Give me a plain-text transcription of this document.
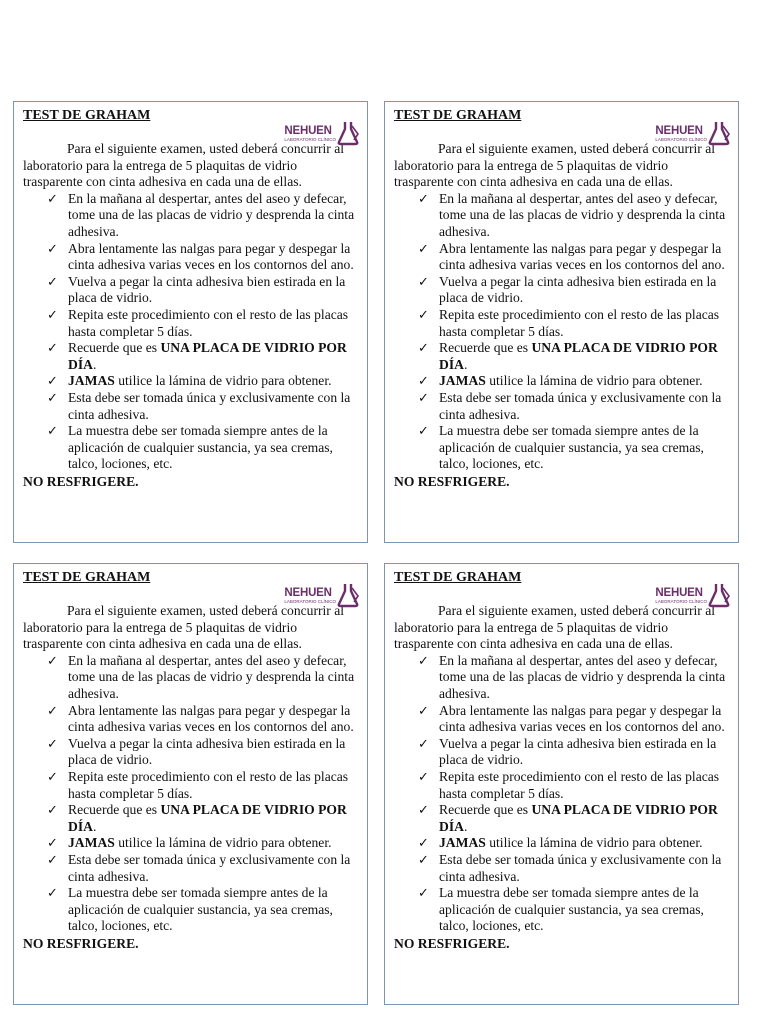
TEST DE GRAHAM
NEHUEN
LABORATORIO CLÍNICO

Para el siguiente examen, usted deberá concurrir al laboratorio para la entrega de 5 plaquitas de vidrio trasparente con cinta adhesiva en cada una de ellas.

✓ En la mañana al despertar, antes del aseo y defecar, tome una de las placas de vidrio y desprenda la cinta adhesiva.
✓ Abra lentamente las nalgas para pegar y despegar la cinta adhesiva varias veces en los contornos del ano.
✓ Vuelva a pegar la cinta adhesiva bien estirada en la placa de vidrio.
✓ Repita este procedimiento con el resto de las placas hasta completar 5 días.
✓ Recuerde que es UNA PLACA DE VIDRIO POR DÍA.
✓ JAMAS utilice la lámina de vidrio para obtener.
✓ Esta debe ser tomada única y exclusivamente con la cinta adhesiva.
✓ La muestra debe ser tomada siempre antes de la aplicación de cualquier sustancia, ya sea cremas, talco, lociones, etc.
NO RESFRIGERE.
TEST DE GRAHAM
NEHUEN
LABORATORIO CLÍNICO

Para el siguiente examen, usted deberá concurrir al laboratorio para la entrega de 5 plaquitas de vidrio trasparente con cinta adhesiva en cada una de ellas.

✓ En la mañana al despertar, antes del aseo y defecar, tome una de las placas de vidrio y desprenda la cinta adhesiva.
✓ Abra lentamente las nalgas para pegar y despegar la cinta adhesiva varias veces en los contornos del ano.
✓ Vuelva a pegar la cinta adhesiva bien estirada en la placa de vidrio.
✓ Repita este procedimiento con el resto de las placas hasta completar 5 días.
✓ Recuerde que es UNA PLACA DE VIDRIO POR DÍA.
✓ JAMAS utilice la lámina de vidrio para obtener.
✓ Esta debe ser tomada única y exclusivamente con la cinta adhesiva.
✓ La muestra debe ser tomada siempre antes de la aplicación de cualquier sustancia, ya sea cremas, talco, lociones, etc.
NO RESFRIGERE.
TEST DE GRAHAM
NEHUEN
LABORATORIO CLÍNICO

Para el siguiente examen, usted deberá concurrir al laboratorio para la entrega de 5 plaquitas de vidrio trasparente con cinta adhesiva en cada una de ellas.

✓ En la mañana al despertar, antes del aseo y defecar, tome una de las placas de vidrio y desprenda la cinta adhesiva.
✓ Abra lentamente las nalgas para pegar y despegar la cinta adhesiva varias veces en los contornos del ano.
✓ Vuelva a pegar la cinta adhesiva bien estirada en la placa de vidrio.
✓ Repita este procedimiento con el resto de las placas hasta completar 5 días.
✓ Recuerde que es UNA PLACA DE VIDRIO POR DÍA.
✓ JAMAS utilice la lámina de vidrio para obtener.
✓ Esta debe ser tomada única y exclusivamente con la cinta adhesiva.
✓ La muestra debe ser tomada siempre antes de la aplicación de cualquier sustancia, ya sea cremas, talco, lociones, etc.
NO RESFRIGERE.
TEST DE GRAHAM
NEHUEN
LABORATORIO CLÍNICO

Para el siguiente examen, usted deberá concurrir al laboratorio para la entrega de 5 plaquitas de vidrio trasparente con cinta adhesiva en cada una de ellas.

✓ En la mañana al despertar, antes del aseo y defecar, tome una de las placas de vidrio y desprenda la cinta adhesiva.
✓ Abra lentamente las nalgas para pegar y despegar la cinta adhesiva varias veces en los contornos del ano.
✓ Vuelva a pegar la cinta adhesiva bien estirada en la placa de vidrio.
✓ Repita este procedimiento con el resto de las placas hasta completar 5 días.
✓ Recuerde que es UNA PLACA DE VIDRIO POR DÍA.
✓ JAMAS utilice la lámina de vidrio para obtener.
✓ Esta debe ser tomada única y exclusivamente con la cinta adhesiva.
✓ La muestra debe ser tomada siempre antes de la aplicación de cualquier sustancia, ya sea cremas, talco, lociones, etc.
NO RESFRIGERE.
